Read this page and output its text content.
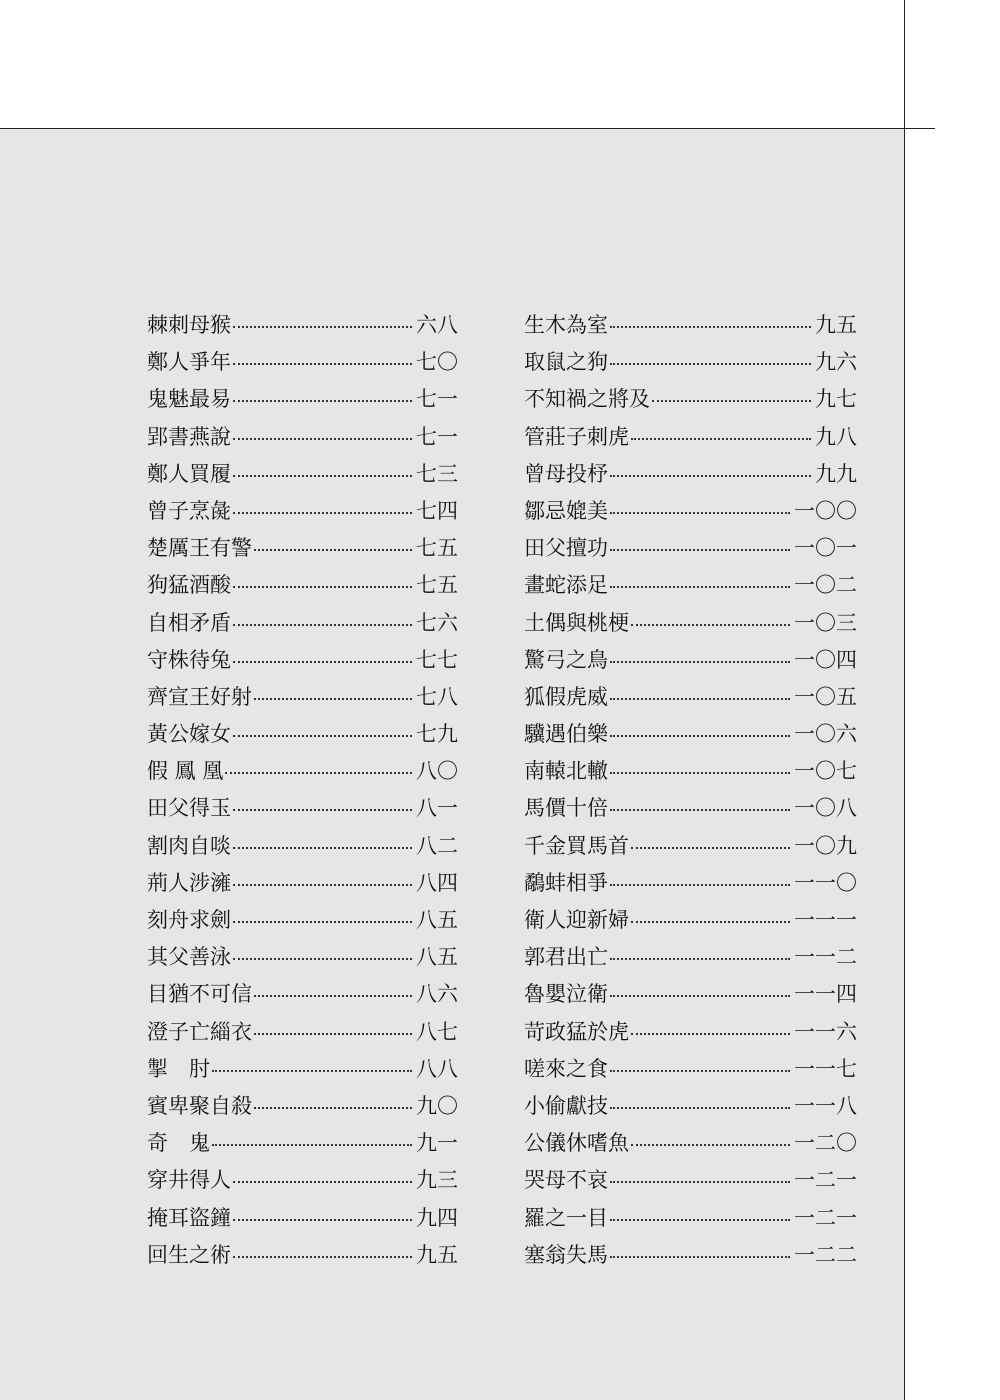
棘刺母猴	六八
鄭人爭年	七〇
鬼魅最易	七一
郢書燕說	七一
鄭人買履	七三
曾子烹彘	七四
楚厲王有警	七五
狗猛酒酸	七五
自相矛盾	七六
守株待兔	七七
齊宣王好射	七八
黃公嫁女	七九
假 鳳 凰	八〇
田父得玉	八一
割肉自啖	八二
荊人涉澭	八四
刻舟求劍	八五
其父善泳	八五
目猶不可信	八六
澄子亡緇衣	八七
掣　肘	八八
賓卑聚自殺	九〇
奇　鬼	九一
穿井得人	九三
掩耳盜鐘	九四
回生之術	九五
生木為室	九五
取鼠之狗	九六
不知禍之將及	九七
管莊子刺虎	九八
曾母投杼	九九
鄒忌媲美	一〇〇
田父擅功	一〇一
畫蛇添足	一〇二
土偶與桃梗	一〇三
驚弓之鳥	一〇四
狐假虎威	一〇五
驥遇伯樂	一〇六
南轅北轍	一〇七
馬價十倍	一〇八
千金買馬首	一〇九
鷸蚌相爭	一一〇
衛人迎新婦	一一一
郭君出亡	一一二
魯嬰泣衛	一一四
苛政猛於虎	一一六
嗟來之食	一一七
小偷獻技	一一八
公儀休嗜魚	一二〇
哭母不哀	一二一
羅之一目	一二一
塞翁失馬	一二二
